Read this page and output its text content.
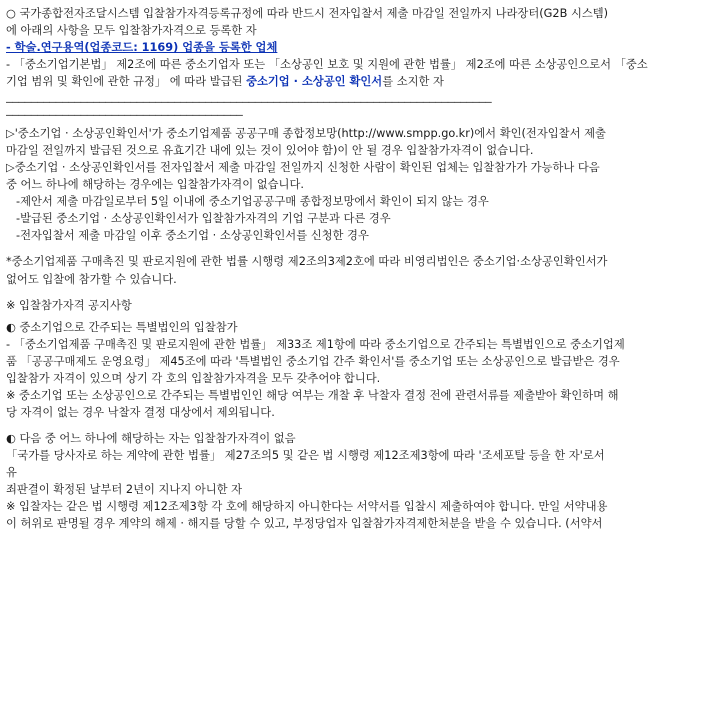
○ 국가종합전자조달시스템 입찰참가자격등록규정에 따라 반드시 전자입찰서 제출 마감일 전일까지 나라장터(G2B 시스템)

에 아래의 사항을 모두 입찰참가자격으로 등록한 자

- 학술.연구용역(업종코드: 1169) 업종을 등록한 업체

- 「중소기업기본법」 제2조에 따른 중소기업자 또는 「소상공인 보호 및 지원에 관한 법률」 제2조에 따른 소상공인으로서 「중소

기업 범위 및 확인에 관한 규정」 에 따라 발급된 중소기업 · 소상공인 확인서를 소지한 자

――――――――――――――――――――――――――――――――――――――――――――――――――――――――――――――――――――――――――――――

――――――――――――――――――――――――――――――――――――――

▷'중소기업 · 소상공인확인서'가 중소기업제품 공공구매 종합정보망(http://www.smpp.go.kr)에서 확인(전자입찰서 제출

마감일 전일까지 발급된 것으로 유효기간 내에 있는 것이 있어야 함)이 안 될 경우 입찰참가자격이 없습니다.

▷중소기업 · 소상공인확인서를 전자입찰서 제출 마감일 전일까지 신청한 사람이 확인된 업체는 입찰참가가 가능하나 다음

중 어느 하나에 해당하는 경우에는 입찰참가자격이 없습니다.

-제안서 제출 마감일로부터 5일 이내에 중소기업공공구매 종합정보망에서 확인이 되지 않는 경우

-발급된 중소기업 · 소상공인확인서가 입찰참가자격의 기업 구분과 다른 경우

-전자입찰서 제출 마감일 이후 중소기업 · 소상공인확인서를 신청한 경우

*중소기업제품 구매촉진 및 판로지원에 관한 법률 시행령 제2조의3제2호에 따라 비영리법인은 중소기업·소상공인확인서가

없어도 입찰에 참가할 수 있습니다.

※ 입찰참가자격 공지사항

◐ 중소기업으로 간주되는 특별법인의 입찰참가

- 「중소기업제품 구매촉진 및 판로지원에 관한 법률」 제33조 제1항에 따라 중소기업으로 간주되는 특별법인으로 중소기업제

품 「공공구매제도 운영요령」 제45조에 따라 '특별법인 중소기업 간주 확인서'를 중소기업 또는 소상공인으로 발급받은 경우

입찰참가 자격이 있으며 상기 각 호의 입찰참가자격을 모두 갖추어야 합니다.

※ 중소기업 또는 소상공인으로 간주되는 특별법인인 해당 여부는 개찰 후 낙찰자 결정 전에 관련서류를 제출받아 확인하며 해

당 자격이 없는 경우 낙찰자 결정 대상에서 제외됩니다.

◐ 다음 중 어느 하나에 해당하는 자는 입찰참가자격이 없음

「국가를 당사자로 하는 계약에 관한 법률」 제27조의5 및 같은 법 시행령 제12조제3항에 따라 '조세포탈 등을 한 자'로서

유

죄판결이 확정된 날부터 2년이 지나지 아니한 자

※ 입찰자는 같은 법 시행령 제12조제3항 각 호에 해당하지 아니한다는 서약서를 입찰시 제출하여야 합니다. 만일 서약내용

이 허위로 판명될 경우 계약의 해제 · 해지를 당할 수 있고, 부정당업자 입찰참가자격제한처분을 받을 수 있습니다. (서약서
